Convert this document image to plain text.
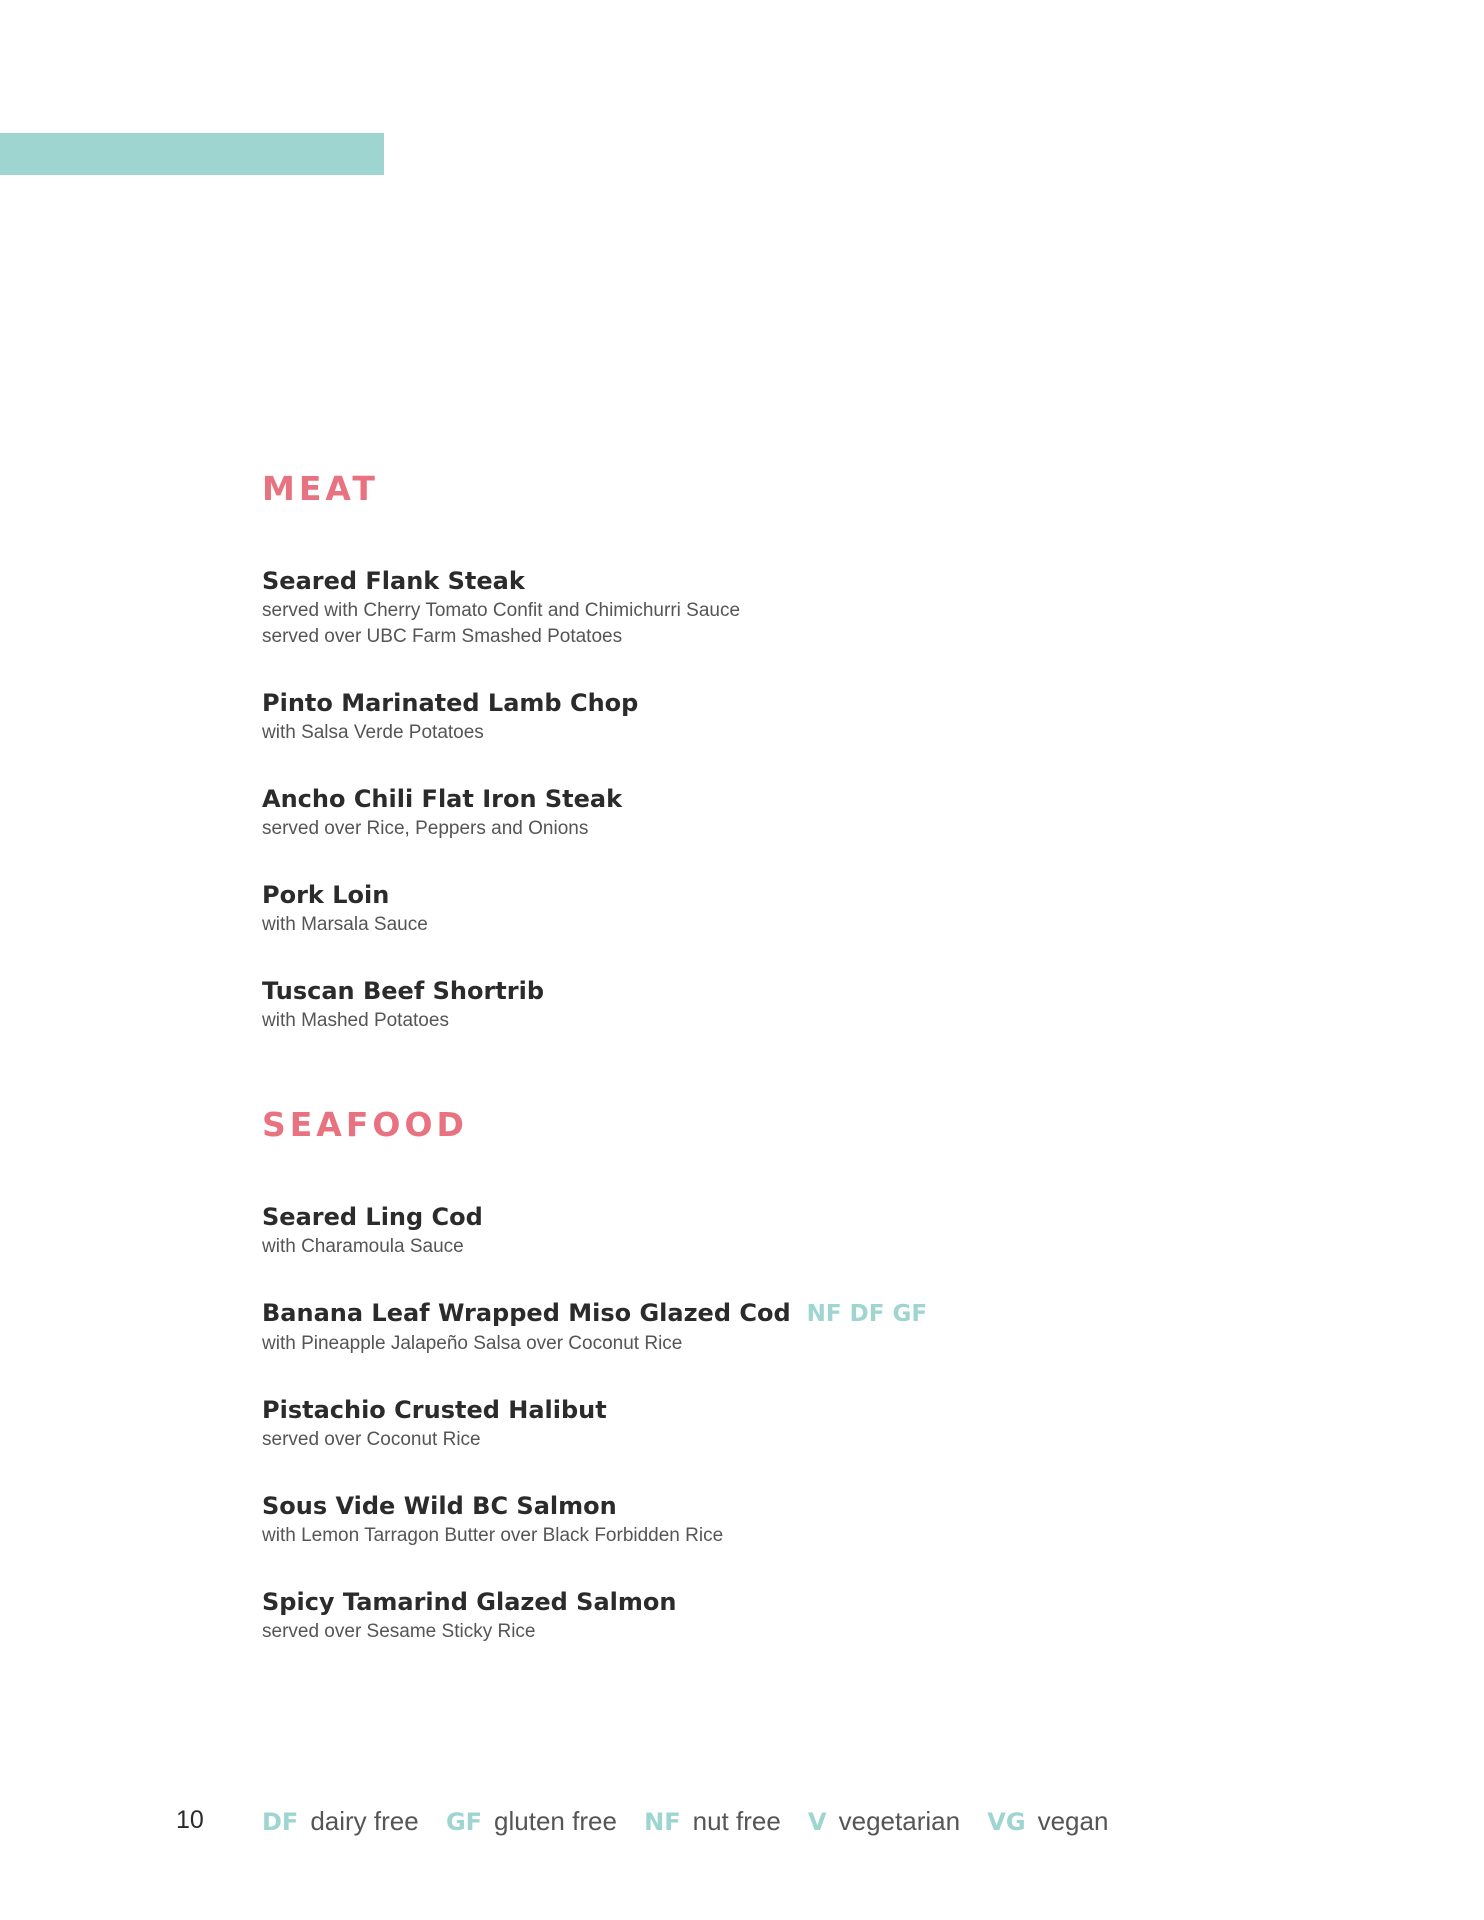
MEAT

Seared Flank Steak

served with Cherry Tomato Confit and Chimichurri Sauce
served over UBC Farm Smashed Potatoes

Pinto Marinated Lamb Chop

with Salsa Verde Potatoes

Ancho Chili Flat Iron Steak

served over Rice, Peppers and Onions

Pork Loin

with Marsala Sauce

Tuscan Beef Shortrib

with Mashed Potatoes
SEAFOOD

Seared Ling Cod

with Charamoula Sauce

Banana Leaf Wrapped Miso Glazed Cod NF DF GF

with Pineapple Jalapeño Salsa over Coconut Rice

Pistachio Crusted Halibut

served over Coconut Rice

Sous Vide Wild BC Salmon

with Lemon Tarragon Butter over Black Forbidden Rice

Spicy Tamarind Glazed Salmon

served over Sesame Sticky Rice
10 DF dairy free GF gluten free NF nut free V vegetarian VG vegan
